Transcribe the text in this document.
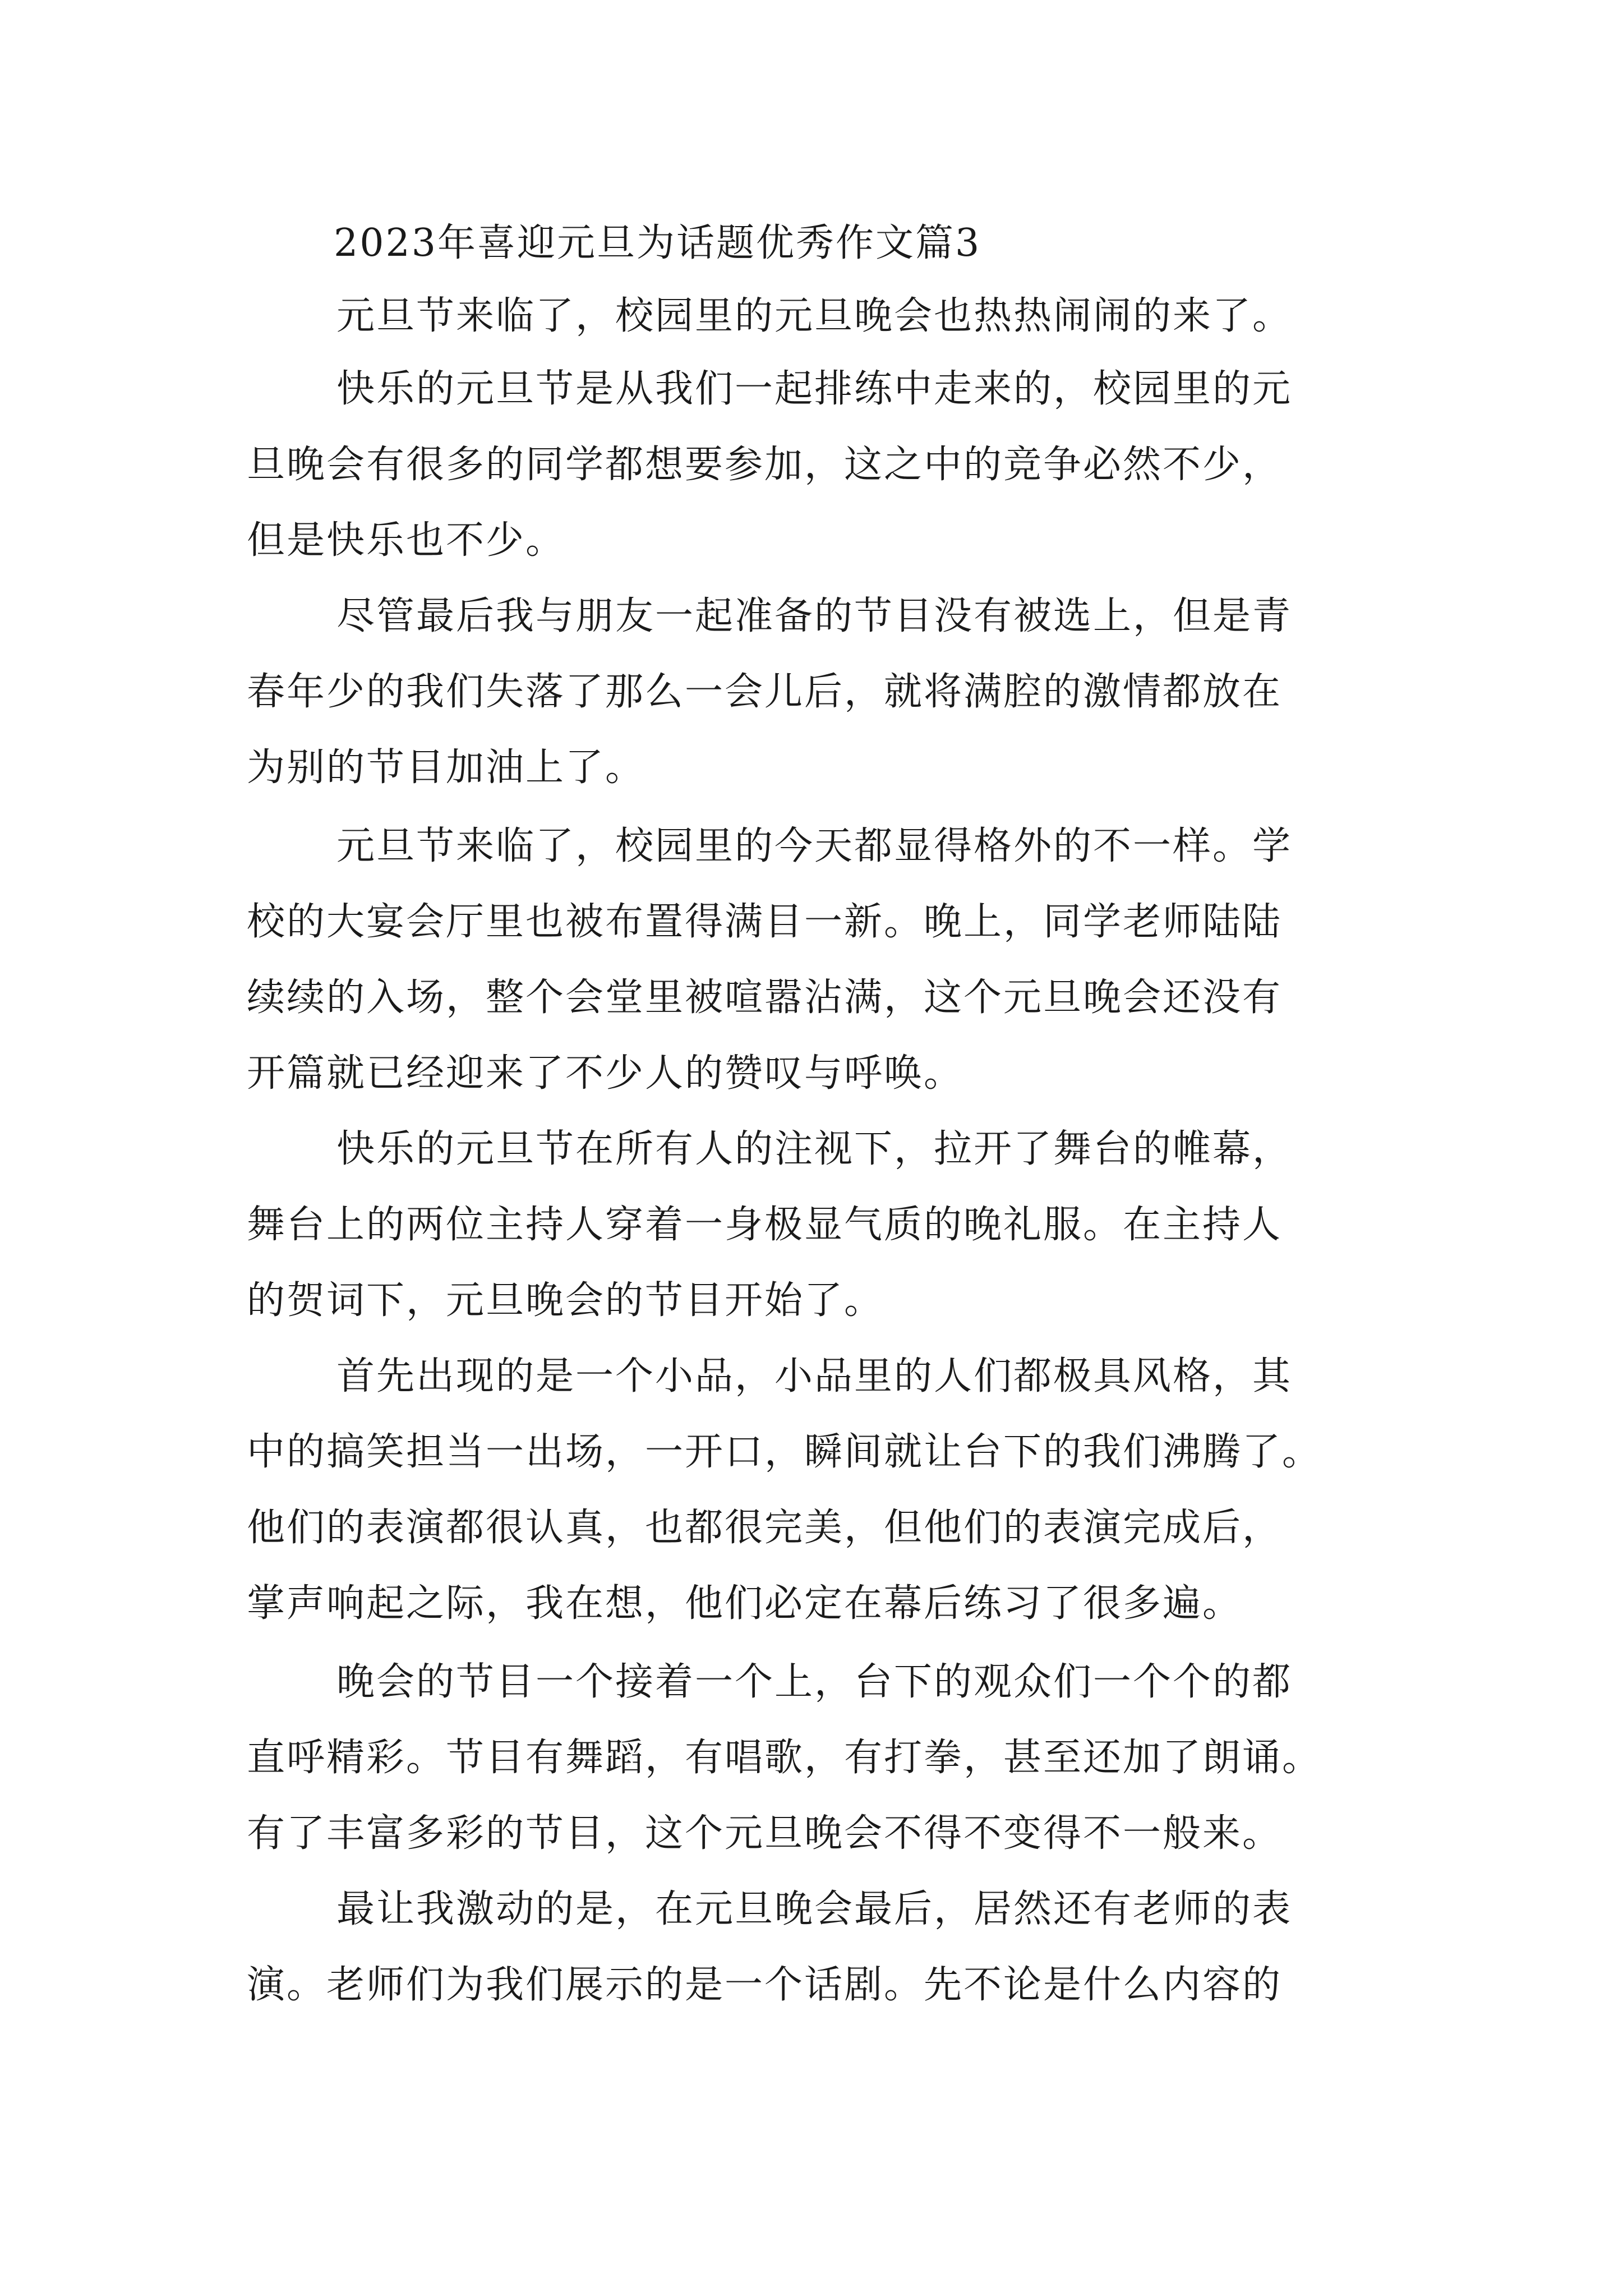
2023年喜迎元旦为话题优秀作文篇3
元旦节来临了，校园里的元旦晚会也热热闹闹的来了。
快乐的元旦节是从我们一起排练中走来的，校园里的元
旦晚会有很多的同学都想要参加，这之中的竞争必然不少，
但是快乐也不少。
尽管最后我与朋友一起准备的节目没有被选上，但是青
春年少的我们失落了那么一会儿后，就将满腔的激情都放在
为别的节目加油上了。
元旦节来临了，校园里的今天都显得格外的不一样。学
校的大宴会厅里也被布置得满目一新。晚上，同学老师陆陆
续续的入场，整个会堂里被喧嚣沾满，这个元旦晚会还没有
开篇就已经迎来了不少人的赞叹与呼唤。
快乐的元旦节在所有人的注视下，拉开了舞台的帷幕，
舞台上的两位主持人穿着一身极显气质的晚礼服。在主持人
的贺词下，元旦晚会的节目开始了。
首先出现的是一个小品，小品里的人们都极具风格，其
中的搞笑担当一出场，一开口，瞬间就让台下的我们沸腾了。
他们的表演都很认真，也都很完美，但他们的表演完成后，
掌声响起之际，我在想，他们必定在幕后练习了很多遍。
晚会的节目一个接着一个上，台下的观众们一个个的都
直呼精彩。节目有舞蹈，有唱歌，有打拳，甚至还加了朗诵。
有了丰富多彩的节目，这个元旦晚会不得不变得不一般来。
最让我激动的是，在元旦晚会最后，居然还有老师的表
演。老师们为我们展示的是一个话剧。先不论是什么内容的
